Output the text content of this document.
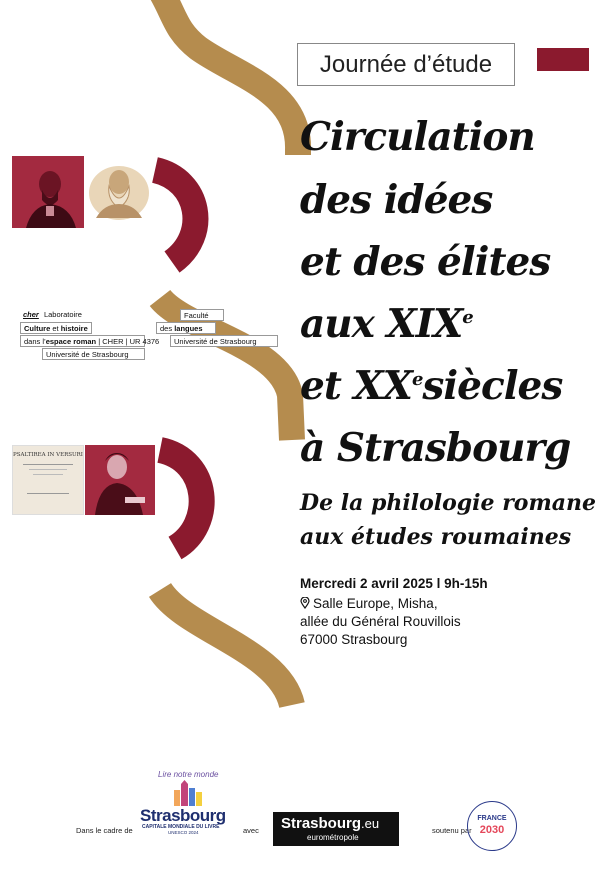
Journée d’étude
Circulation
des idées
et des élites
aux XIXe
et XXesiècles
à Strasbourg
De la philologie romane
aux études roumaines
Mercredi 2 avril 2025 l 9h-15h
Salle Europe, Misha,
allée du Général Rouvillois
67000 Strasbourg
cher Laboratoire
Culture et histoire
dans l’espace roman | CHER | UR 4376
Université de Strasbourg
Faculté
des langues
Université de Strasbourg
PSALTIREA IN VERSURI
Dans le cadre de
Lire notre monde
Strasbourg
CAPITALE MONDIALE DU LIVRE
UNESCO 2024	avec Strasbourg.eu
eurométropole
soutenu par
FRANCE
2030
